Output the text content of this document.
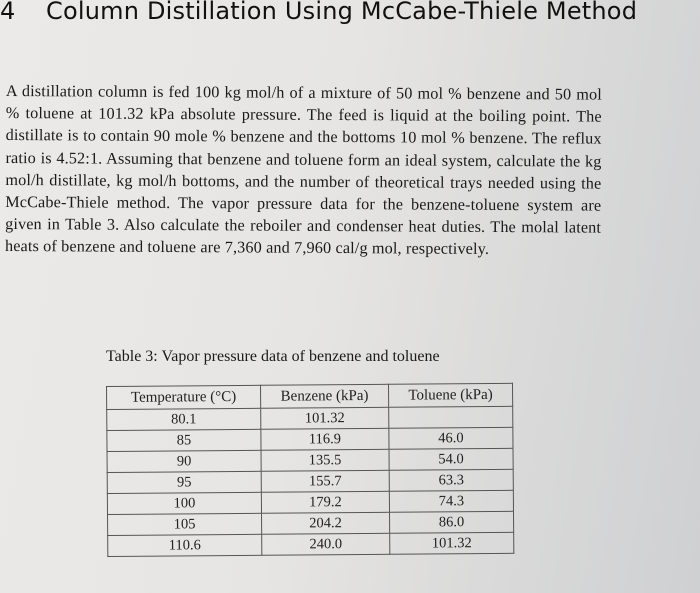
4 Column Distillation Using McCabe-Thiele Method

A distillation column is fed 100 kg mol/h of a mixture of 50 mol % benzene and 50 mol % toluene at 101.32 kPa absolute pressure. The feed is liquid at the boiling point. The distillate is to contain 90 mole % benzene and the bottoms 10 mol % benzene. The reflux ratio is 4.52:1. Assuming that benzene and toluene form an ideal system, calculate the kg mol/h distillate, kg mol/h bottoms, and the number of theoretical trays needed using the McCabe-Thiele method. The vapor pressure data for the benzene-toluene system are given in Table 3. Also calculate the reboiler and condenser heat duties. The molal latent heats of benzene and toluene are 7,360 and 7,960 cal/g mol, respectively.

Table 3: Vapor pressure data of benzene and toluene

Temperature (°C)	Benzene (kPa)	Toluene (kPa)
80.1	101.32	
85	116.9	46.0
90	135.5	54.0
95	155.7	63.3
100	179.2	74.3
105	204.2	86.0
110.6	240.0	101.32
